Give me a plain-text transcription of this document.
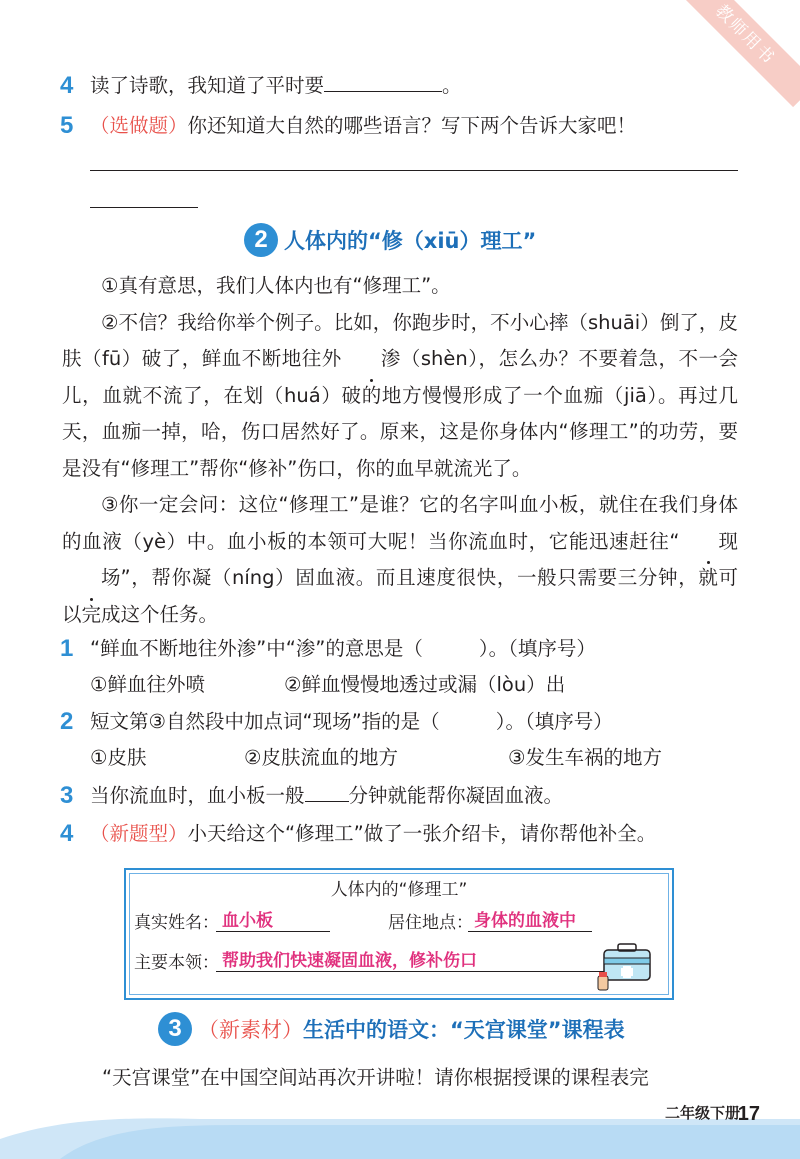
教师用书
4 读了诗歌，我知道了平时要	。
5 （选做题）你还知道大自然的哪些语言？写下两个告诉大家吧！
2 人体内的“修（xiū）理工”

①真有意思，我们人体内也有“修理工”。

②不信？我给你举个例子。比如，你跑步时，不小心摔（shuāi）倒了，皮肤（fū）破了，鲜血不断地往外 渗（shèn），怎么办？不要着急，不一会儿，血就不流了，在划（huá）破的地方慢慢形成了一个血痂（jiā）。再过几天，血痂一掉，哈，伤口居然好了。原来，这是你身体内“修理工”的功劳，要是没有“修理工”帮你“修补”伤口，你的血早就流光了。

③你一定会问：这位“修理工”是谁？它的名字叫血小板，就住在我们身体的血液（yè）中。血小板的本领可大呢！当你流血时，它能迅速赶往“ 现场”，帮你凝（níng）固血液。而且速度很快，一般只需要三分钟，就可以完成这个任务。

1 “鲜血不断地往外渗”中“渗”的意思是（	）。（填序号）
①鲜血往外喷	②鲜血慢慢地透过或漏（lòu）出
2 短文第③自然段中加点词“现场”指的是（	）。（填序号）
①皮肤	②皮肤流血的地方	③发生车祸的地方
3 当你流血时，血小板一般 分钟就能帮你凝固血液。
4 （新题型）小天给这个“修理工”做了一张介绍卡，请你帮他补全。
人体内的“修理工”
真实姓名： 血小板	居住地点： 身体的血液中
主要本领： 帮助我们快速凝固血液，修补伤口
3 （新素材） 生活中的语文：“天宫课堂”课程表
“天宫课堂”在中国空间站再次开讲啦！请你根据授课的课程表完
二年级下册
17
